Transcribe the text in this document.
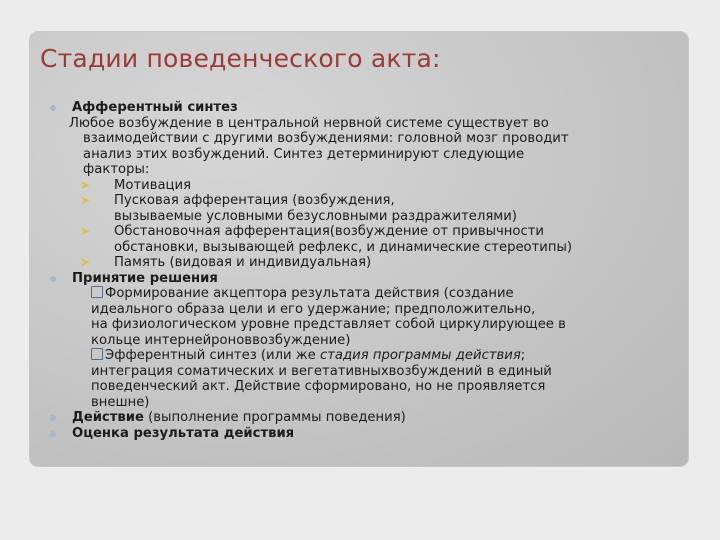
Стадии поведенческого акта:
Афферентный синтез
Любое возбуждение в центральной нервной системе существует во
взаимодействии с другими возбуждениями: головной мозг проводит
анализ этих возбуждений. Синтез детерминируют следующие
факторы:
➤ Мотивация
➤ Пусковая афферентация (возбуждения,
вызываемые условными безусловными раздражителями)
➤ Обстановочная афферентация(возбуждение от привычности
обстановки, вызывающей рефлекс, и динамические стереотипы)
➤ Память (видовая и индивидуальная)
Принятие решения
Формирование акцептора результата действия (создание
идеального образа цели и его удержание; предположительно,
на физиологическом уровне представляет собой циркулирующее в
кольце интернейроноввозбуждение)
Эфферентный синтез (или же стадия программы действия;
интеграция соматических и вегетативныхвозбуждений в единый
поведенческий акт. Действие сформировано, но не проявляется
внешне)
Действие (выполнение программы поведения)
Оценка результата действия
